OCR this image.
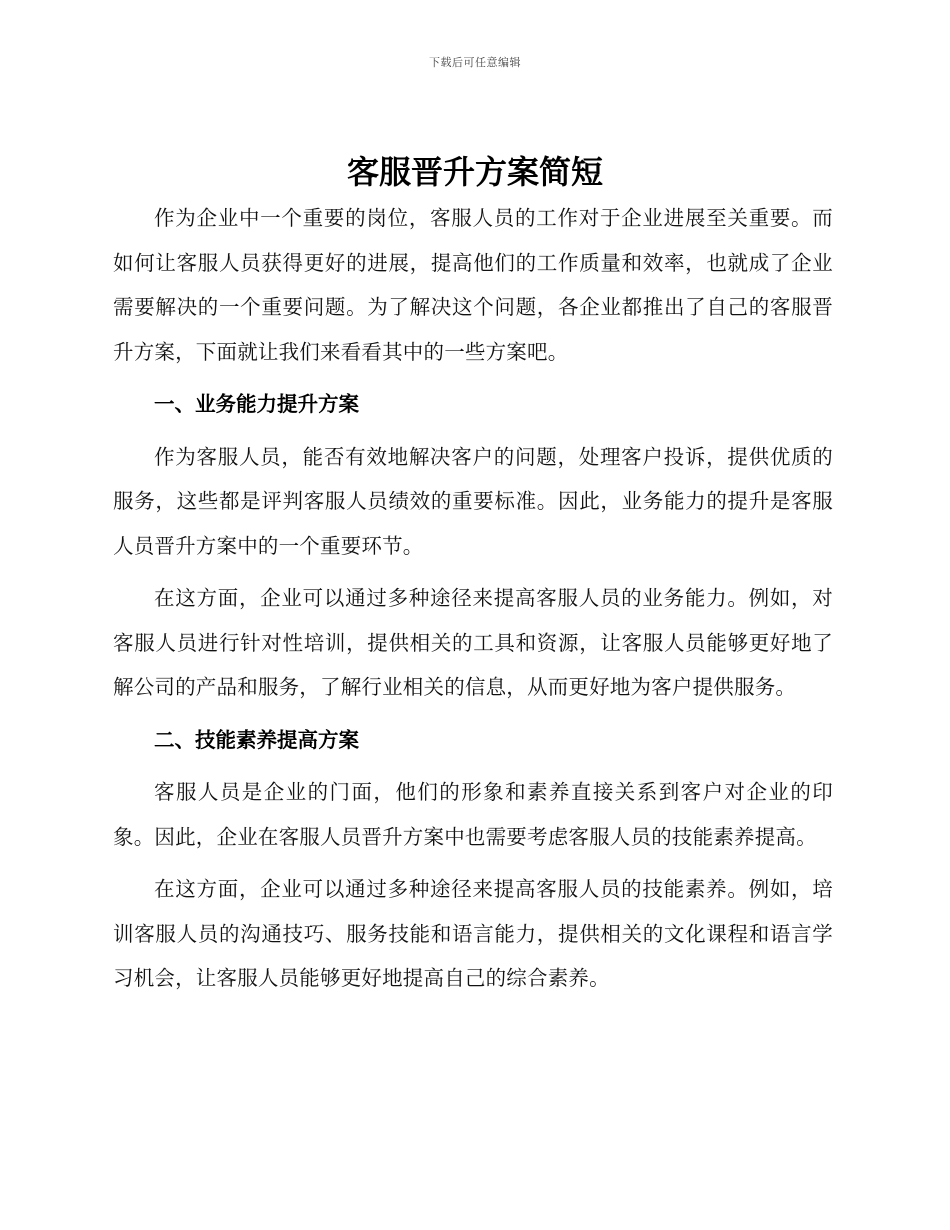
下载后可任意编辑
客服晋升方案简短

作为企业中一个重要的岗位，客服人员的工作对于企业进展至关重要。而如何让客服人员获得更好的进展，提高他们的工作质量和效率，也就成了企业需要解决的一个重要问题。为了解决这个问题，各企业都推出了自己的客服晋升方案，下面就让我们来看看其中的一些方案吧。

一、业务能力提升方案

作为客服人员，能否有效地解决客户的问题，处理客户投诉，提供优质的服务，这些都是评判客服人员绩效的重要标准。因此，业务能力的提升是客服人员晋升方案中的一个重要环节。

在这方面，企业可以通过多种途径来提高客服人员的业务能力。例如，对客服人员进行针对性培训，提供相关的工具和资源，让客服人员能够更好地了解公司的产品和服务，了解行业相关的信息，从而更好地为客户提供服务。

二、技能素养提高方案

客服人员是企业的门面，他们的形象和素养直接关系到客户对企业的印象。因此，企业在客服人员晋升方案中也需要考虑客服人员的技能素养提高。

在这方面，企业可以通过多种途径来提高客服人员的技能素养。例如，培训客服人员的沟通技巧、服务技能和语言能力，提供相关的文化课程和语言学习机会，让客服人员能够更好地提高自己的综合素养。
